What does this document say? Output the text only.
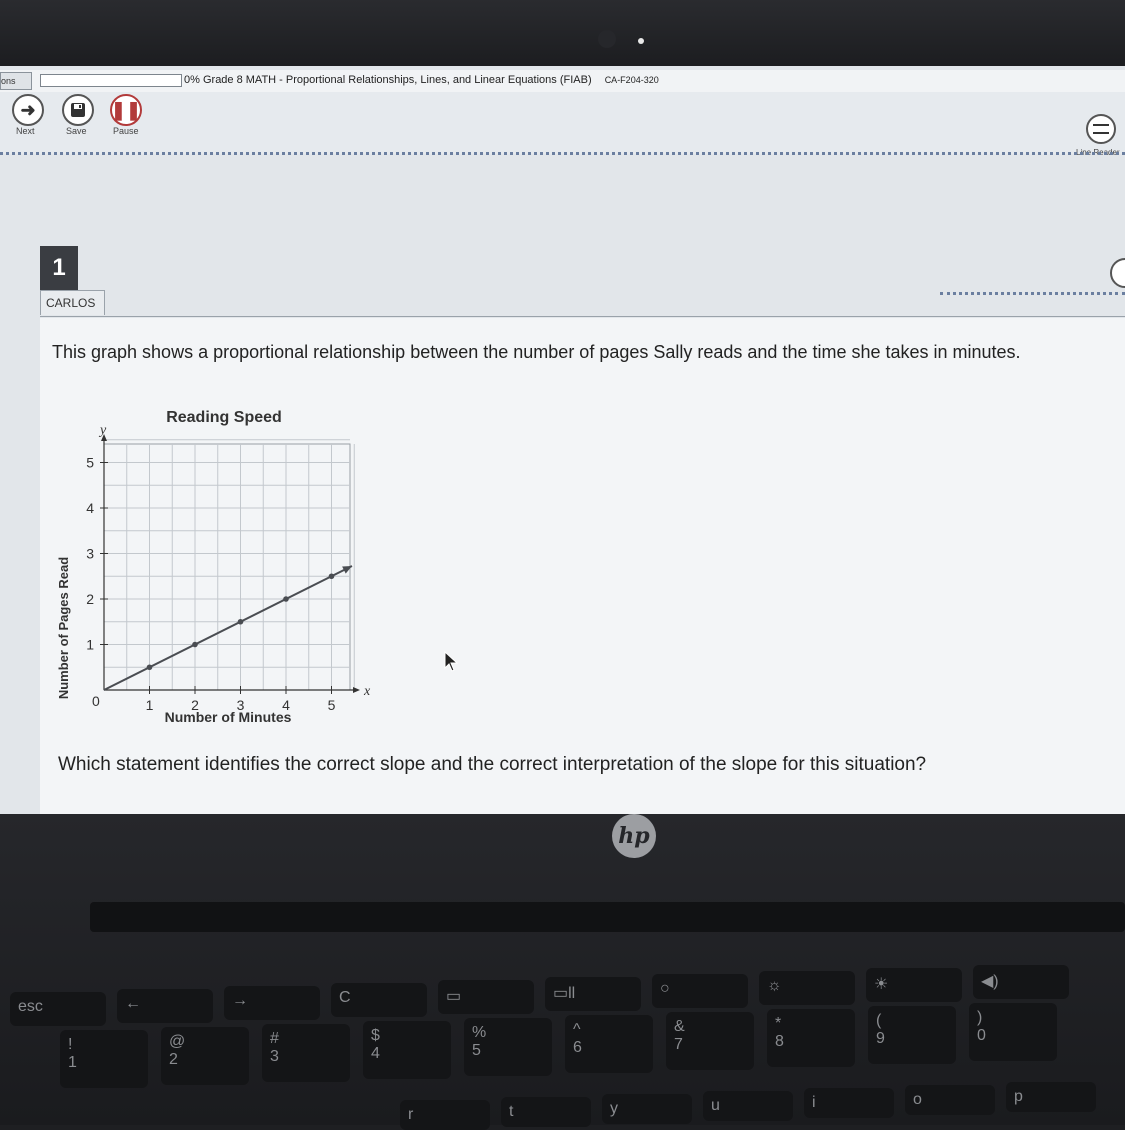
ons	0% Grade 8 MATH - Proportional Relationships, Lines, and Linear Equations (FIAB) CA-F204-320
➜
Next	Save
❚❚
Pause
Line Reader
1
CARLOS
This graph shows a proportional relationship between the number of pages Sally reads and the time she takes in minutes.
Reading Speed
Number of Pages Read
Number of Minutes
x
y
0	1	2	3	4	5
1
2
3
4
5
Which statement identifies the correct slope and the correct interpretation of the slope for this situation?
hp
esc	←	→	C	▭	▭ll	○	☼	☀	◀)
!
1
@
2
#
3
$
4
%
5
^
6
&
7
*
8
(
9
)
0
r	t	y	u	i	o	p
